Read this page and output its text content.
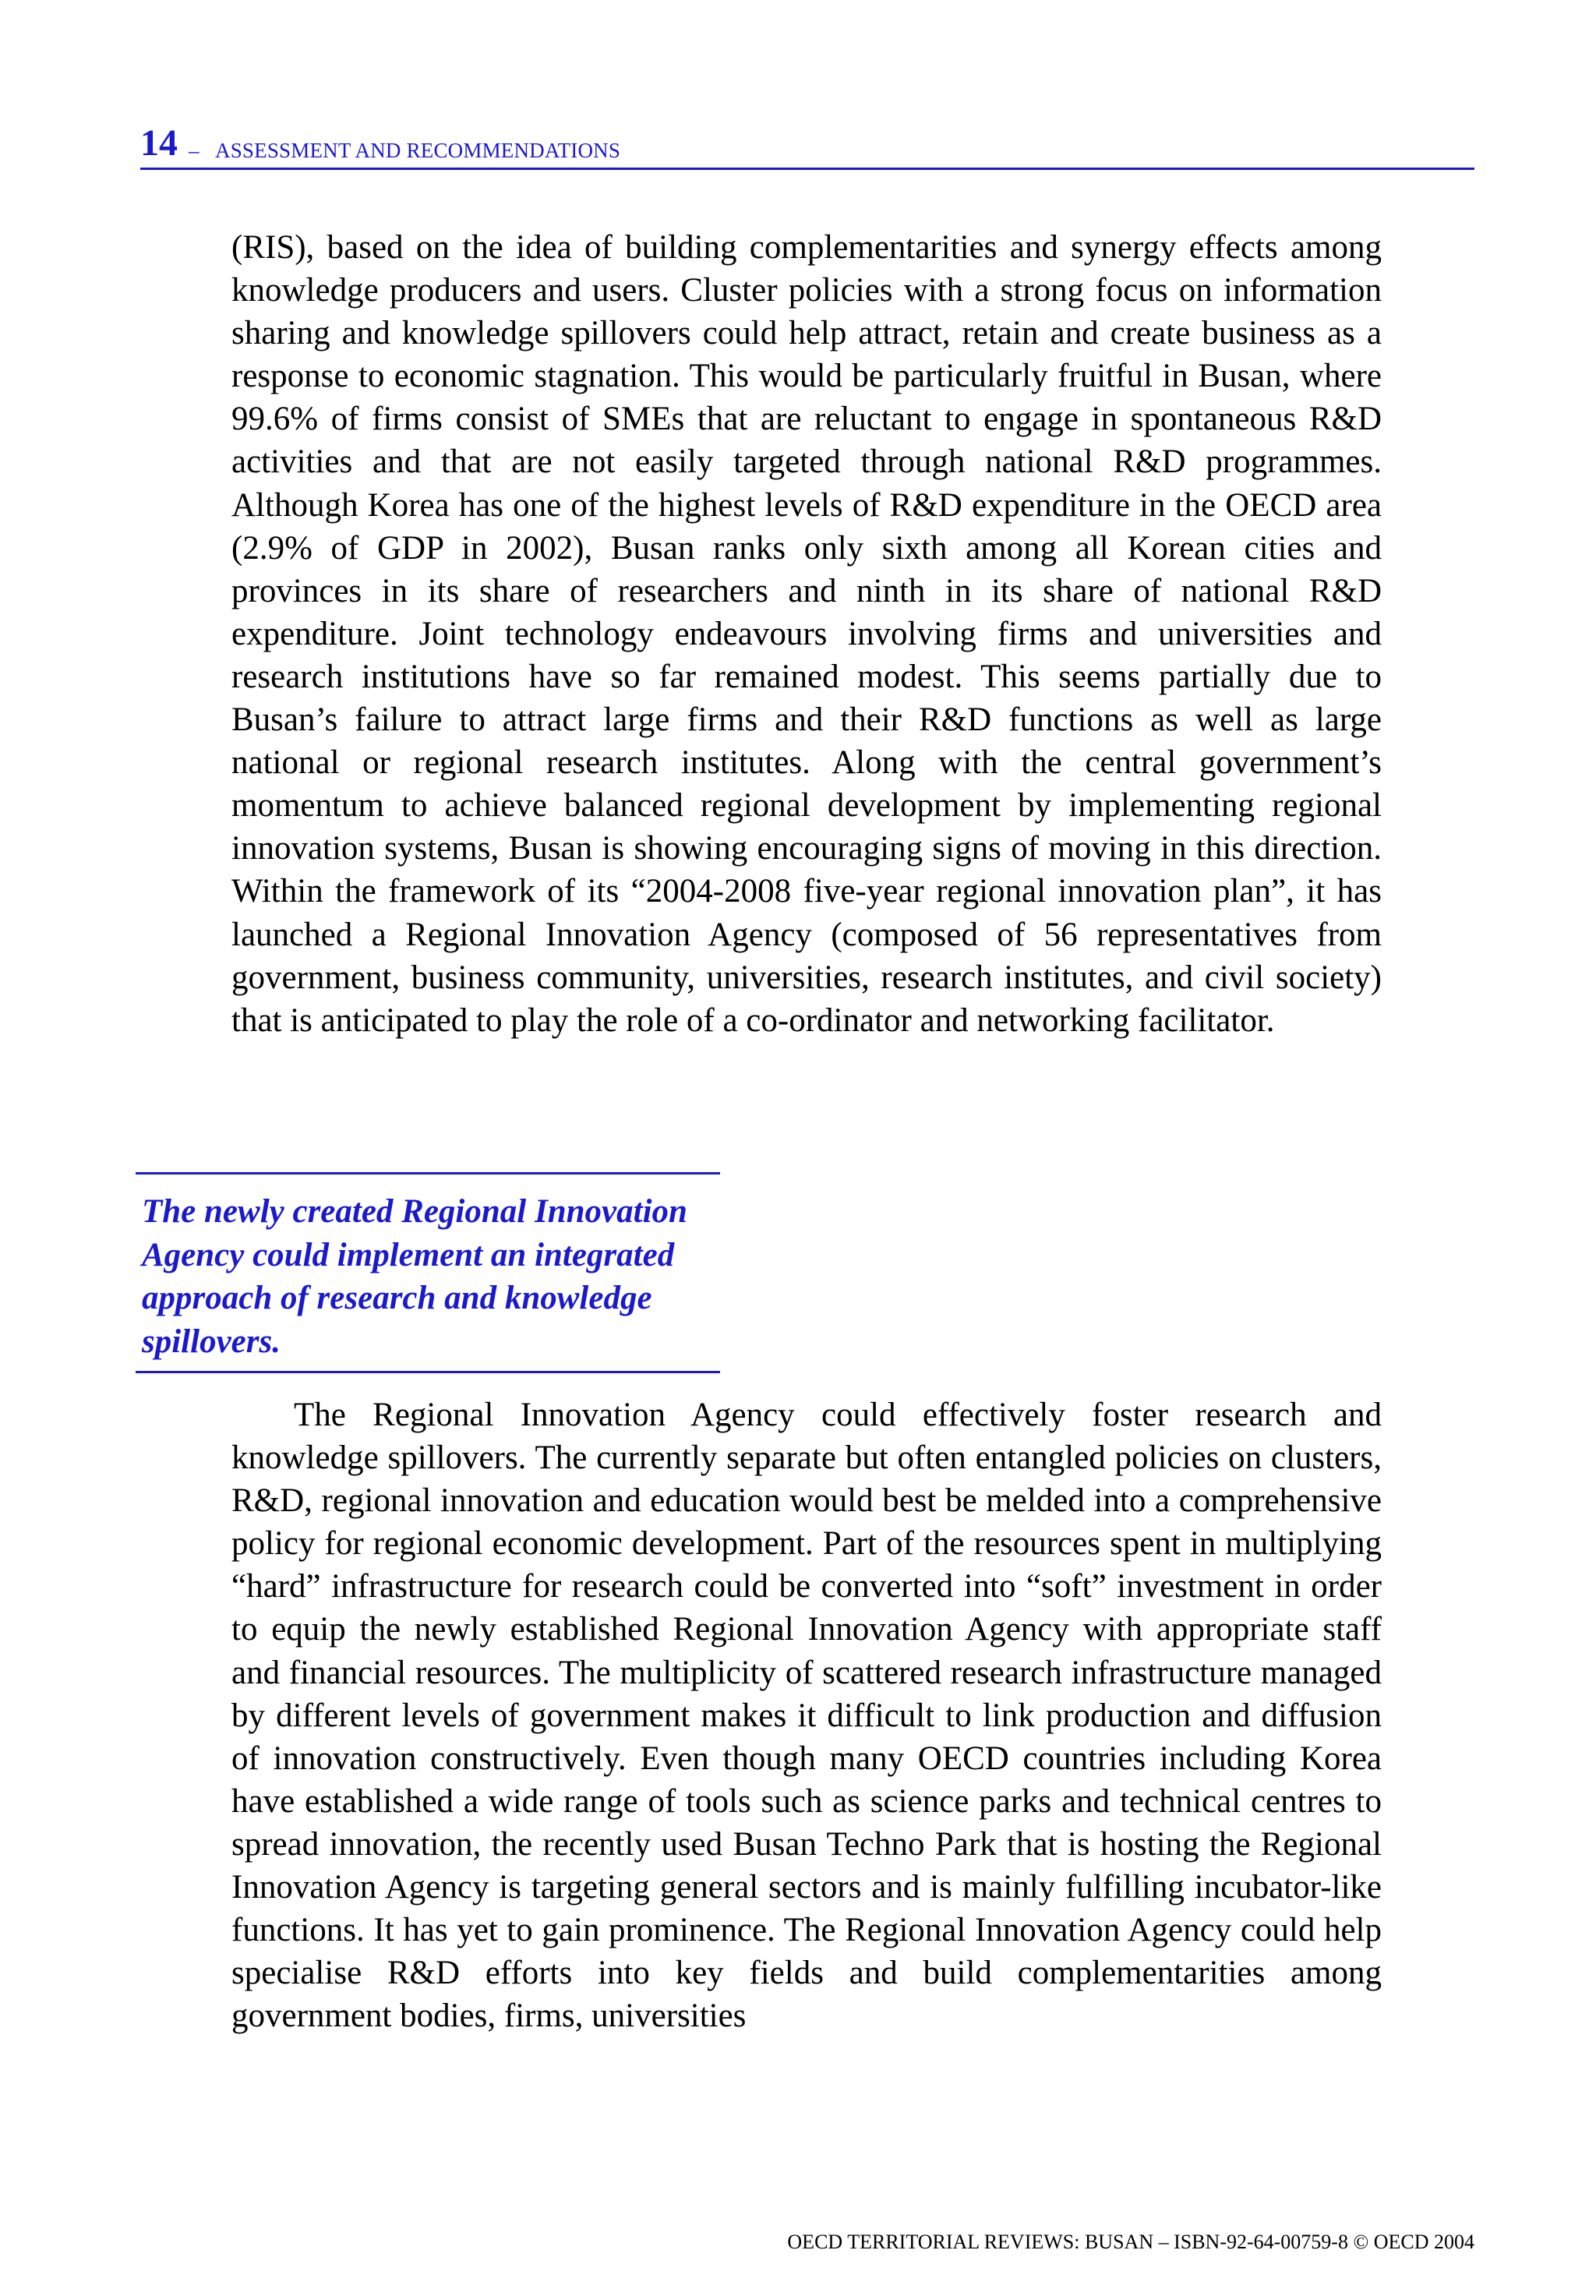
14 – ASSESSMENT AND RECOMMENDATIONS

(RIS), based on the idea of building complementarities and synergy effects among knowledge producers and users. Cluster policies with a strong focus on information sharing and knowledge spillovers could help attract, retain and create business as a response to economic stagnation. This would be particularly fruitful in Busan, where 99.6% of firms consist of SMEs that are reluctant to engage in spontaneous R&D activities and that are not easily targeted through national R&D programmes. Although Korea has one of the highest levels of R&D expenditure in the OECD area (2.9% of GDP in 2002), Busan ranks only sixth among all Korean cities and provinces in its share of researchers and ninth in its share of national R&D expenditure. Joint technology endeavours involving firms and universities and research institutions have so far remained modest. This seems partially due to Busan’s failure to attract large firms and their R&D functions as well as large national or regional research institutes. Along with the central government’s momentum to achieve balanced regional development by implementing regional innovation systems, Busan is showing encouraging signs of moving in this direction. Within the framework of its “2004-2008 five-year regional innovation plan”, it has launched a Regional Innovation Agency (composed of 56 representatives from government, business community, universities, research institutes, and civil society) that is anticipated to play the role of a co-ordinator and networking facilitator.

The newly created Regional Innovation Agency could implement an integrated approach of research and knowledge spillovers.

The Regional Innovation Agency could effectively foster research and knowledge spillovers. The currently separate but often entangled policies on clusters, R&D, regional innovation and education would best be melded into a comprehensive policy for regional economic development. Part of the resources spent in multiplying “hard” infrastructure for research could be converted into “soft” investment in order to equip the newly established Regional Innovation Agency with appropriate staff and financial resources. The multiplicity of scattered research infrastructure managed by different levels of government makes it difficult to link production and diffusion of innovation constructively. Even though many OECD countries including Korea have established a wide range of tools such as science parks and technical centres to spread innovation, the recently used Busan Techno Park that is hosting the Regional Innovation Agency is targeting general sectors and is mainly fulfilling incubator-like functions. It has yet to gain prominence. The Regional Innovation Agency could help specialise R&D efforts into key fields and build complementarities among government bodies, firms, universities

OECD TERRITORIAL REVIEWS: BUSAN – ISBN-92-64-00759-8 © OECD 2004
